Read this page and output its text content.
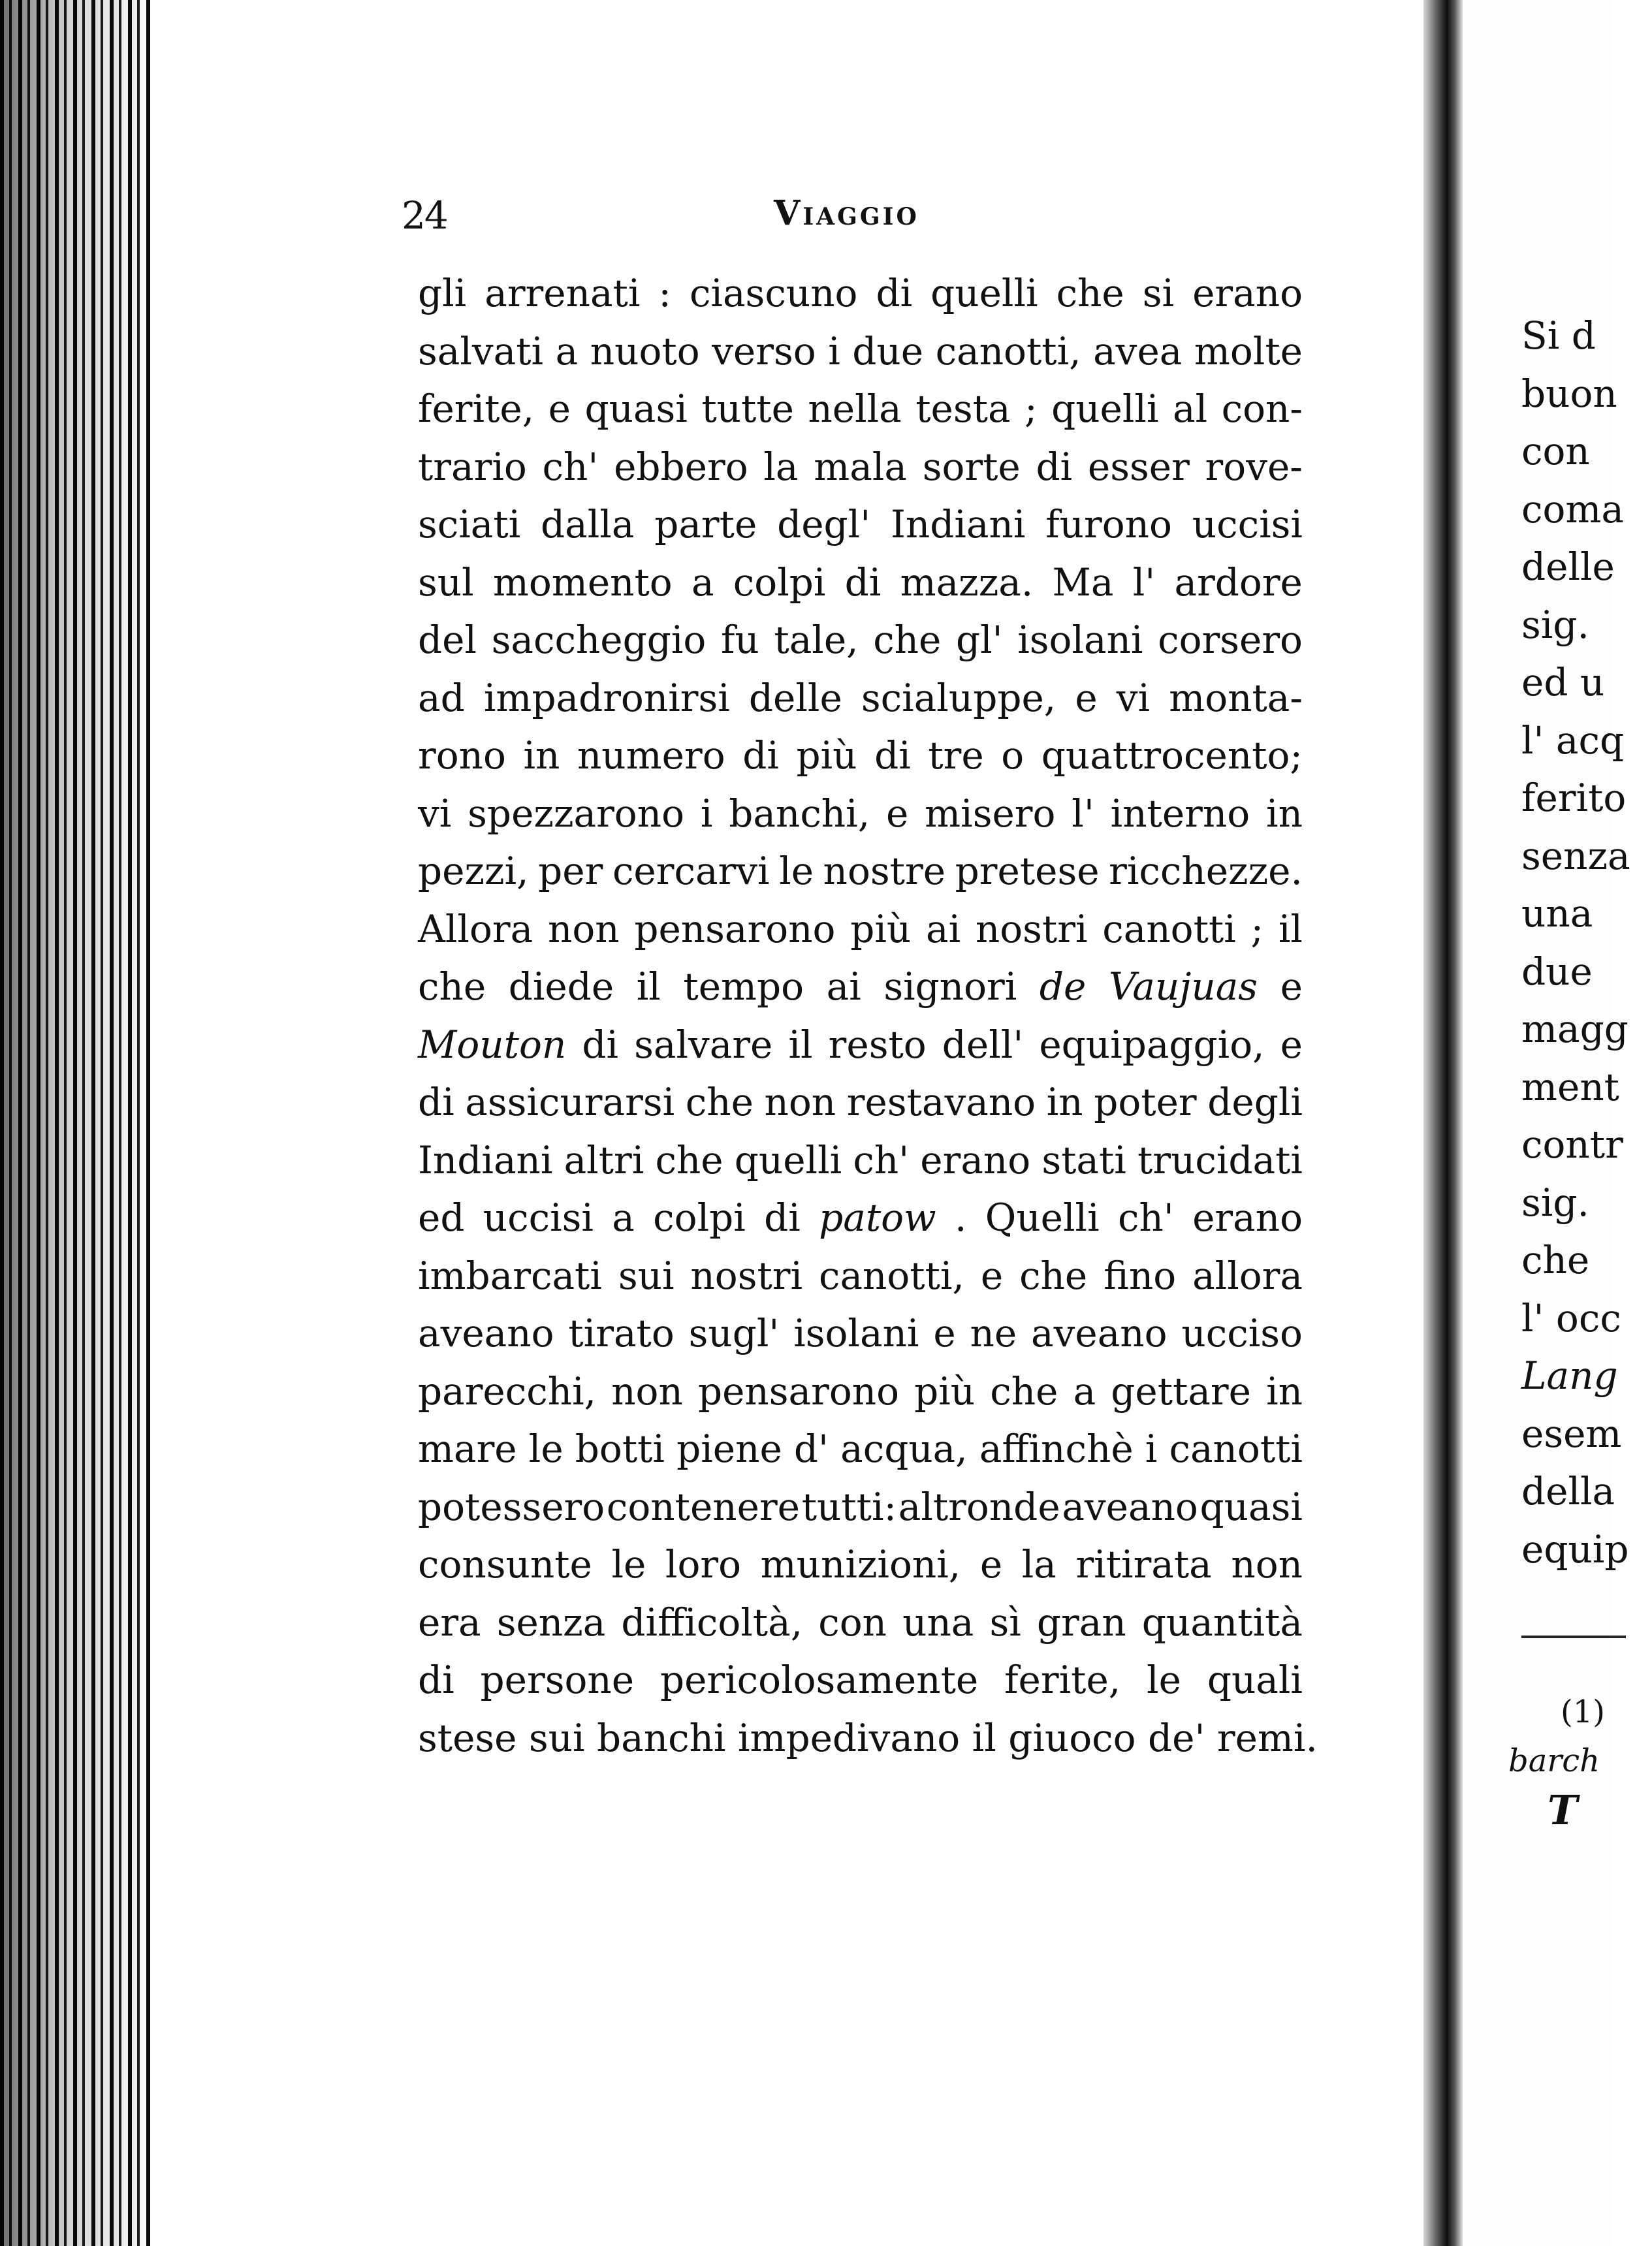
24	Viaggio
gli arrenati : ciascuno di quelli che si erano
salvati a nuoto verso i due canotti, avea molte
ferite, e quasi tutte nella testa ; quelli al con-
trario ch' ebbero la mala sorte di esser rove-
sciati dalla parte degl' Indiani furono uccisi
sul momento a colpi di mazza. Ma l' ardore
del saccheggio fu tale, che gl' isolani corsero
ad impadronirsi delle scialuppe, e vi monta-
rono in numero di più di tre o quattrocento;
vi spezzarono i banchi, e misero l' interno in
pezzi, per cercarvi le nostre pretese ricchezze.
Allora non pensarono più ai nostri canotti ; il
che diede il tempo ai signori de Vaujuas e
Mouton di salvare il resto dell' equipaggio, e
di assicurarsi che non restavano in poter degli
Indiani altri che quelli ch' erano stati trucidati
ed uccisi a colpi di patow . Quelli ch' erano
imbarcati sui nostri canotti, e che fino allora
aveano tirato sugl' isolani e ne aveano ucciso
parecchi, non pensarono più che a gettare in
mare le botti piene d' acqua, affinchè i canotti
potessero contenere tutti: altronde aveano quasi
consunte le loro munizioni, e la ritirata non
era senza difficoltà, con una sì gran quantità
di persone pericolosamente ferite, le quali
stese sui banchi impedivano il giuoco de' remi.
Si d
buon
con
coma
delle
sig.
ed u
l' acq
ferito
senza
una
due
magg
ment
contr
sig.
che
l' occ
Lang
esem
della
equip
(1)
barch
T
